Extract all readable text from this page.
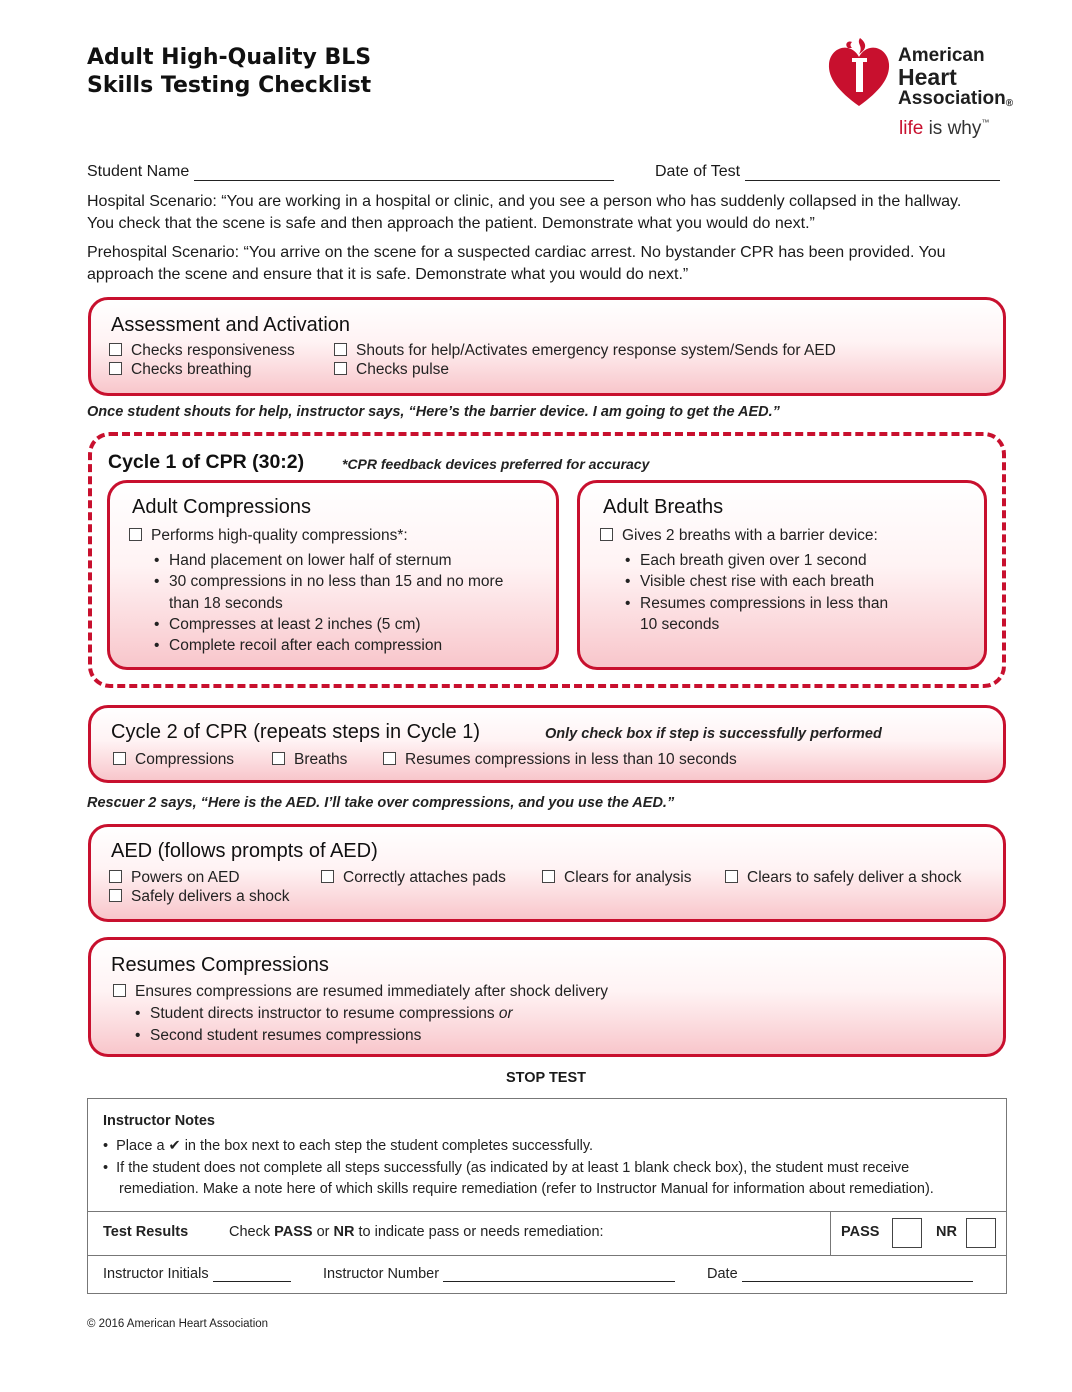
Adult High-Quality BLS
Skills Testing Checklist
American
Heart
Association®
life is why™
Student Name	Date of Test
Hospital Scenario: “You are working in a hospital or clinic, and you see a person who has suddenly collapsed in the hallway. You check that the scene is safe and then approach the patient. Demonstrate what you would do next.”
Prehospital Scenario: “You arrive on the scene for a suspected cardiac arrest. No bystander CPR has been provided. You approach the scene and ensure that it is safe. Demonstrate what you would do next.”
Assessment and Activation
Checks responsiveness	Shouts for help/Activates emergency response system/Sends for AED
Checks breathing	Checks pulse
Once student shouts for help, instructor says, “Here’s the barrier device. I am going to get the AED.”
Cycle 1 of CPR (30:2)	*CPR feedback devices preferred for accuracy
Adult Compressions
Performs high-quality compressions*:
• Hand placement on lower half of sternum
• 30 compressions in no less than 15 and no more
than 18 seconds
• Compresses at least 2 inches (5 cm)
• Complete recoil after each compression
Adult Breaths
Gives 2 breaths with a barrier device:
• Each breath given over 1 second
• Visible chest rise with each breath
• Resumes compressions in less than
10 seconds
Cycle 2 of CPR (repeats steps in Cycle 1)	Only check box if step is successfully performed
Compressions	Breaths	Resumes compressions in less than 10 seconds
Rescuer 2 says, “Here is the AED. I’ll take over compressions, and you use the AED.”
AED (follows prompts of AED)
Powers on AED	Correctly attaches pads	Clears for analysis	Clears to safely deliver a shock
Safely delivers a shock
Resumes Compressions
Ensures compressions are resumed immediately after shock delivery
• Student directs instructor to resume compressions or
• Second student resumes compressions
STOP TEST
Instructor Notes
•  Place a ✔ in the box next to each step the student completes successfully.
•  If the student does not complete all steps successfully (as indicated by at least 1 blank check box), the student must receive
remediation. Make a note here of which skills require remediation (refer to Instructor Manual for information about remediation).
Test Results	Check PASS or NR to indicate pass or needs remediation:	PASS	NR
Instructor Initials	Instructor Number	Date
© 2016 American Heart Association
